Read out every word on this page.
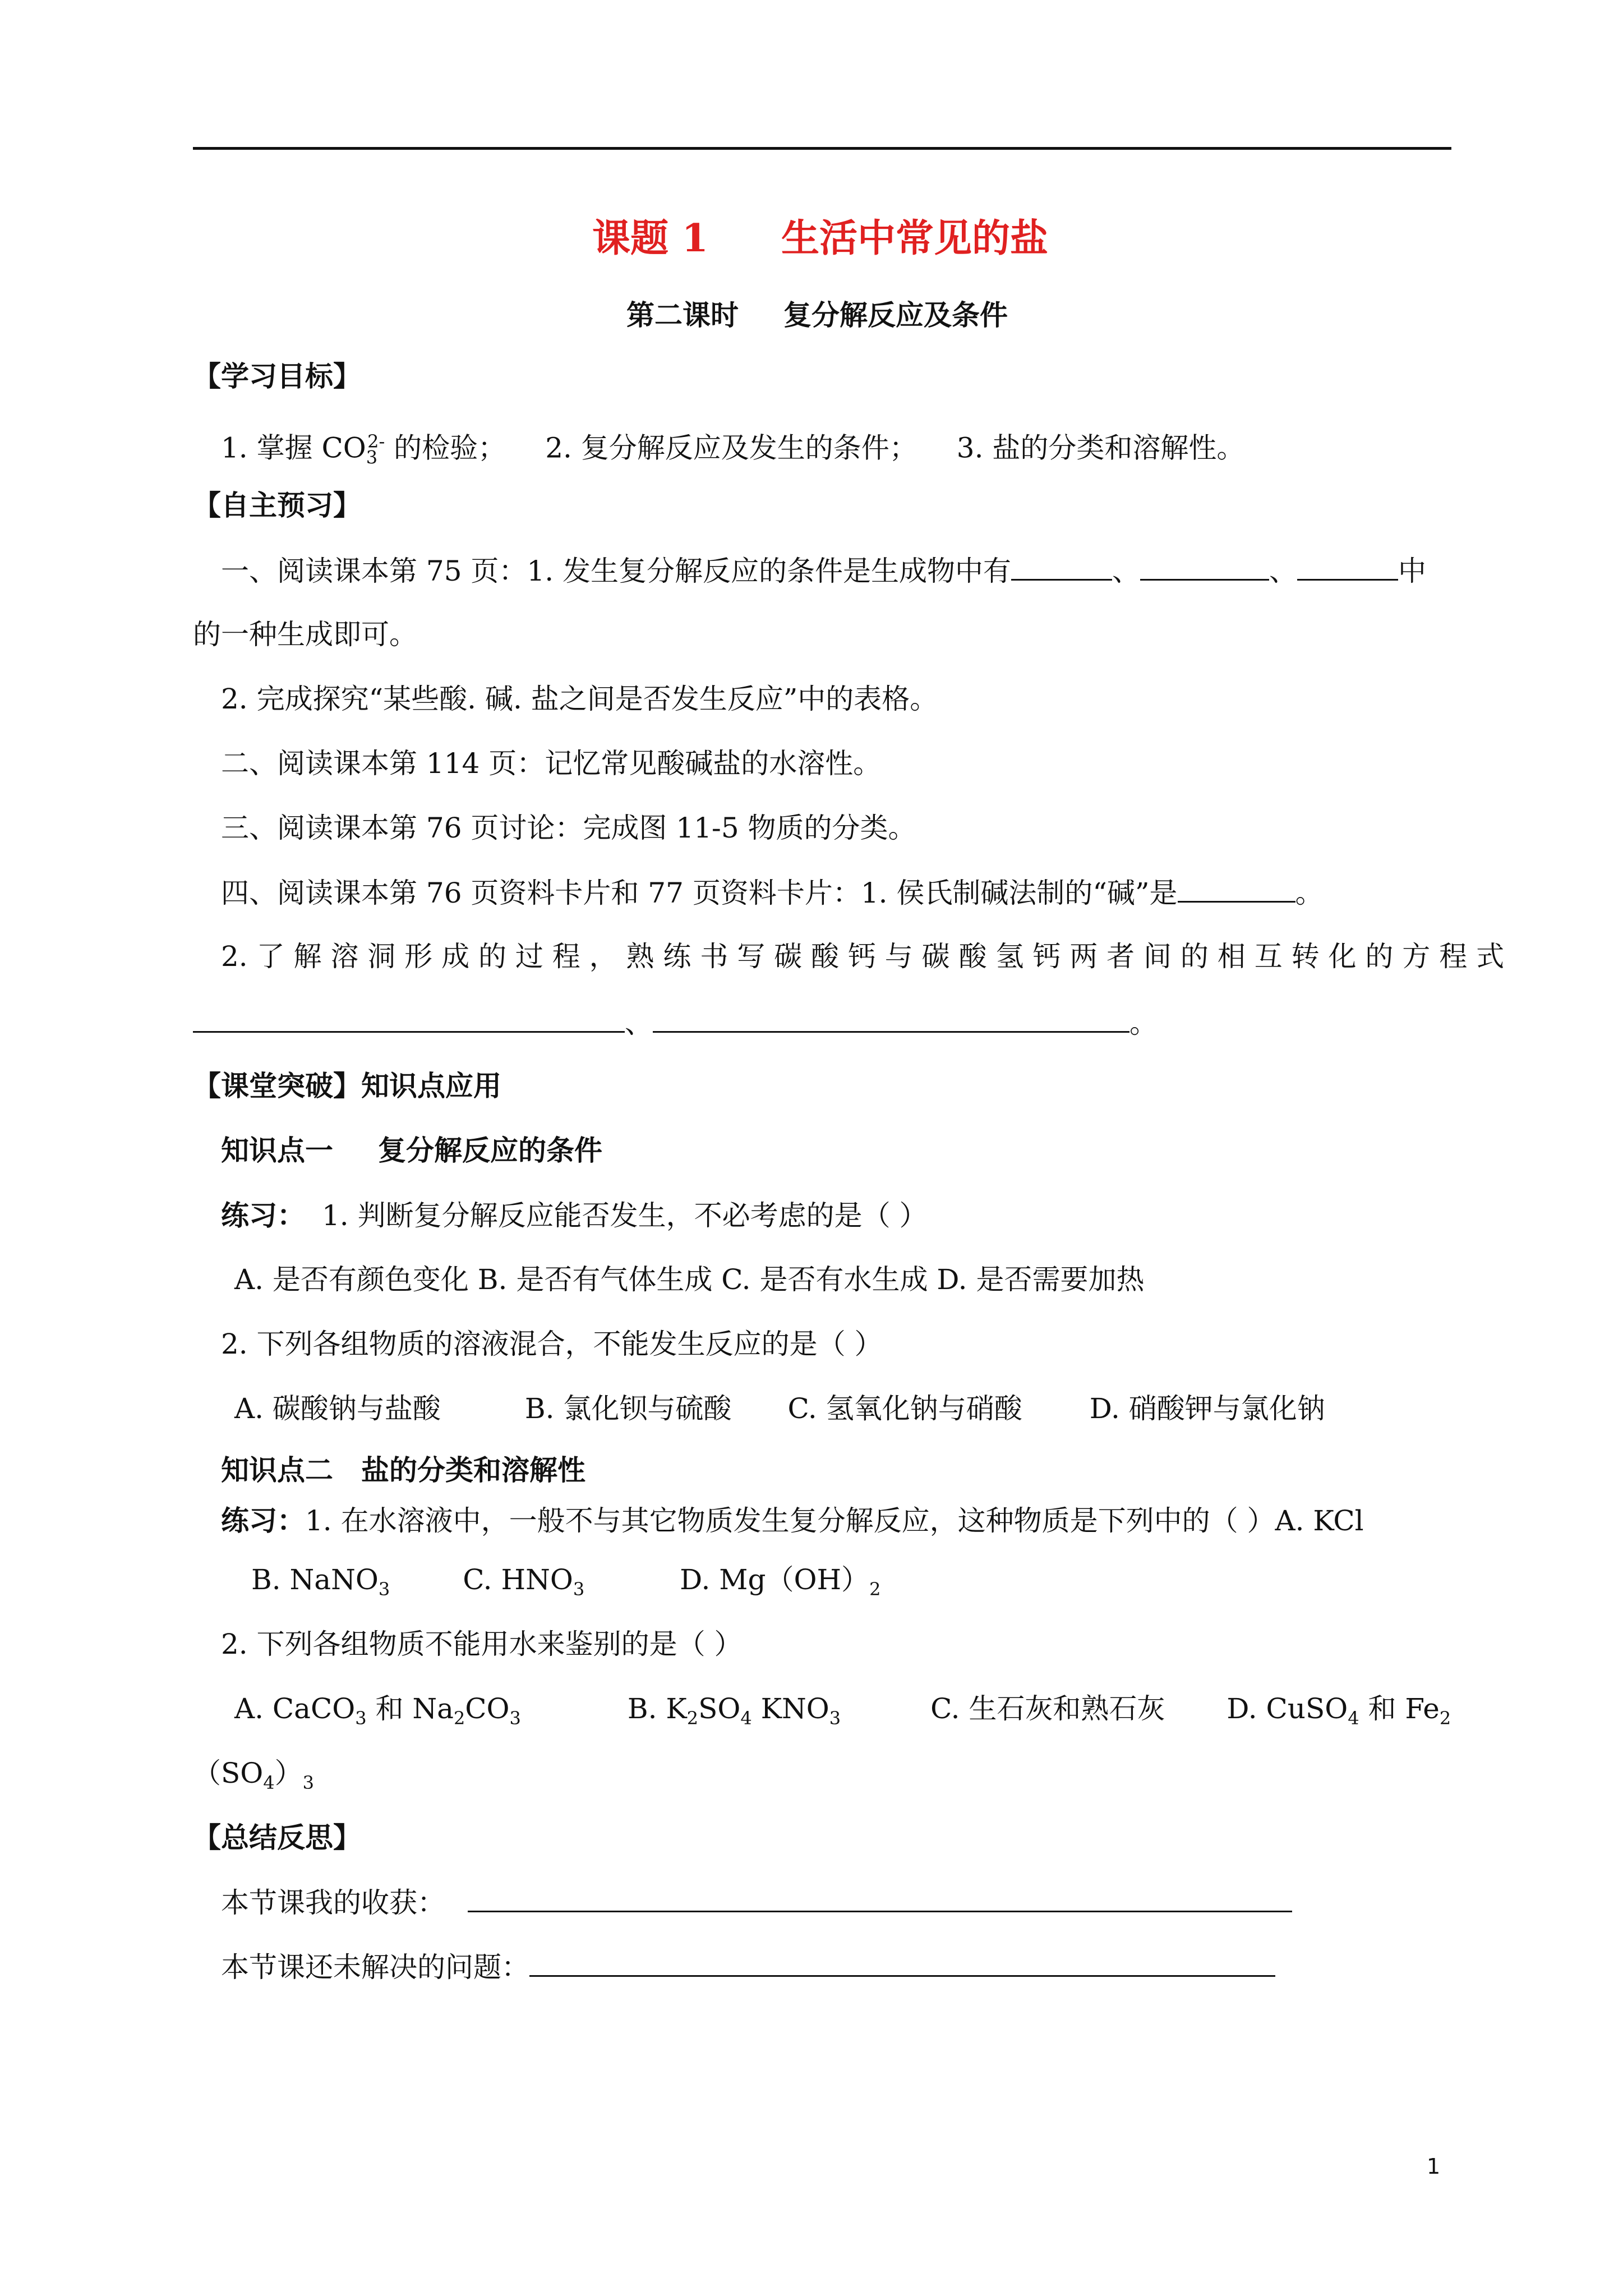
课题 1 生活中常见的盐
第二课时 复分解反应及条件
【学习目标】
1. 掌握 $CO_3^{2-}$ 的检验； 2. 复分解反应及发生的条件； 3. 盐的分类和溶解性。
【自主预习】
一、阅读课本第 75 页：1. 发生复分解反应的条件是生成物中有	、	、	中
的一种生成即可。
2. 完成探究“某些酸. 碱. 盐之间是否发生反应”中的表格。
二、阅读课本第 114 页：记忆常见酸碱盐的水溶性。
三、阅读课本第 76 页讨论：完成图 11-5 物质的分类。
四、阅读课本第 76 页资料卡片和 77 页资料卡片：1. 侯氏制碱法制的“碱”是	。
2. 了 解 溶 洞 形 成 的 过 程 ， 熟 练 书 写 碳 酸 钙 与 碳 酸 氢 钙 两 者 间 的 相 互 转 化 的 方 程 式
、	。
【课堂突破】知识点应用
知识点一 复分解反应的条件
练习： 1. 判断复分解反应能否发生，不必考虑的是（ ）
A. 是否有颜色变化 B. 是否有气体生成 C. 是否有水生成 D. 是否需要加热
2. 下列各组物质的溶液混合，不能发生反应的是（ ）
A. 碳酸钠与盐酸	B. 氯化钡与硫酸 C. 氢氧化钠与硝酸 D. 硝酸钾与氯化钠
知识点二 盐的分类和溶解性
练习：1. 在水溶液中，一般不与其它物质发生复分解反应，这种物质是下列中的（ ）A. KCl
B. NaNO$_3$	C. $HNO_3$	D. $Mg(OH)_2$
2. 下列各组物质不能用水来鉴别的是（ ）
A. CaCO$_3$ 和 $Na_2CO_3$	B. $K_2SO_4$ $KNO_3$	C. 生石灰和熟石灰 D. CuSO$_4$ 和 $Fe_2$
$(SO_4)_3$
【总结反思】
本节课我的收获：
本节课还未解决的问题：
1
